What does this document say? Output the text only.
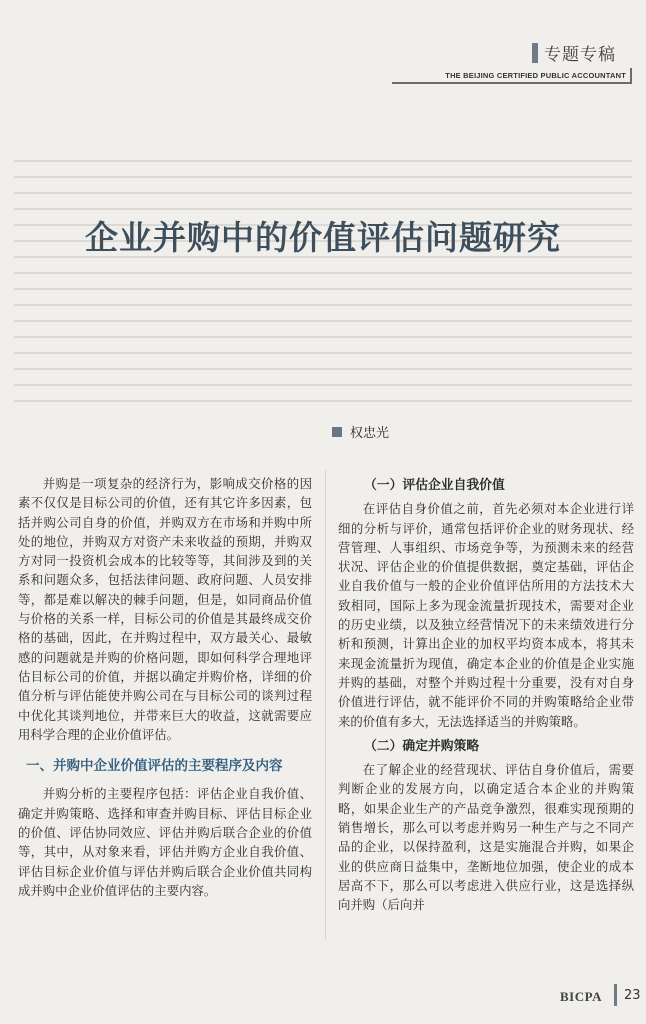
专题专稿
THE BEIJING CERTIFIED PUBLIC ACCOUNTANT
企业并购中的价值评估问题研究
权忠光

并购是一项复杂的经济行为，影响成交价格的因素不仅仅是目标公司的价值，还有其它许多因素，包括并购公司自身的价值，并购双方在市场和并购中所处的地位，并购双方对资产未来收益的预期，并购双方对同一投资机会成本的比较等等，其间涉及到的关系和问题众多，包括法律问题、政府问题、人员安排等，都是难以解决的棘手问题，但是，如同商品价值与价格的关系一样，目标公司的价值是其最终成交价格的基础，因此，在并购过程中，双方最关心、最敏感的问题就是并购的价格问题，即如何科学合理地评估目标公司的价值，并据以确定并购价格，详细的价值分析与评估能使并购公司在与目标公司的谈判过程中优化其谈判地位，并带来巨大的收益，这就需要应用科学合理的企业价值评估。

一、并购中企业价值评估的主要程序及内容

并购分析的主要程序包括：评估企业自我价值、确定并购策略、选择和审查并购目标、评估目标企业的价值、评估协同效应、评估并购后联合企业的价值等，其中，从对象来看，评估并购方企业自我价值、评估目标企业价值与评估并购后联合企业价值共同构成并购中企业价值评估的主要内容。

（一）评估企业自我价值

在评估自身价值之前，首先必须对本企业进行详细的分析与评价，通常包括评价企业的财务现状、经营管理、人事组织、市场竞争等，为预测未来的经营状况、评估企业的价值提供数据，奠定基础，评估企业自我价值与一般的企业价值评估所用的方法技术大致相同，国际上多为现金流量折现技术，需要对企业的历史业绩，以及独立经营情况下的未来绩效进行分析和预测，计算出企业的加权平均资本成本，将其未来现金流量折为现值，确定本企业的价值是企业实施并购的基础，对整个并购过程十分重要，没有对自身价值进行评估，就不能评价不同的并购策略给企业带来的价值有多大，无法选择适当的并购策略。

（二）确定并购策略

在了解企业的经营现状、评估自身价值后，需要判断企业的发展方向，以确定适合本企业的并购策略，如果企业生产的产品竞争激烈，很难实现预期的销售增长，那么可以考虑并购另一种生产与之不同产品的企业，以保持盈利，这是实施混合并购，如果企业的供应商日益集中，垄断地位加强，使企业的成本居高不下，那么可以考虑进入供应行业，这是选择纵向并购（后向并

BICPA 23
